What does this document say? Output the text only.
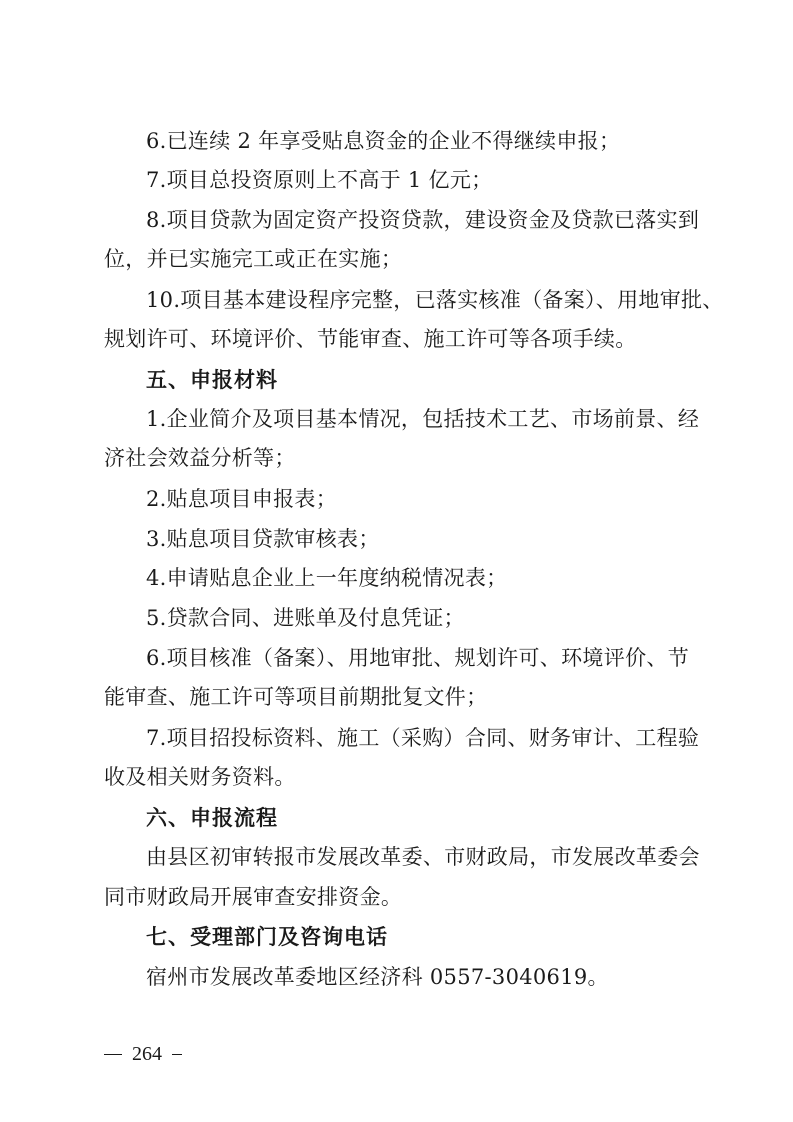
6.已连续 2 年享受贴息资金的企业不得继续申报；
7.项目总投资原则上不高于 1 亿元；
8.项目贷款为固定资产投资贷款，建设资金及贷款已落实到
位，并已实施完工或正在实施；
10.项目基本建设程序完整，已落实核准（备案）、用地审批、
规划许可、环境评价、节能审查、施工许可等各项手续。
五、申报材料
1.企业简介及项目基本情况，包括技术工艺、市场前景、经
济社会效益分析等；
2.贴息项目申报表；
3.贴息项目贷款审核表；
4.申请贴息企业上一年度纳税情况表；
5.贷款合同、进账单及付息凭证；
6.项目核准（备案）、用地审批、规划许可、环境评价、节
能审查、施工许可等项目前期批复文件；
7.项目招投标资料、施工（采购）合同、财务审计、工程验
收及相关财务资料。
六、申报流程
由县区初审转报市发展改革委、市财政局，市发展改革委会
同市财政局开展审查安排资金。
七、受理部门及咨询电话
宿州市发展改革委地区经济科 0557-3040619。
264
